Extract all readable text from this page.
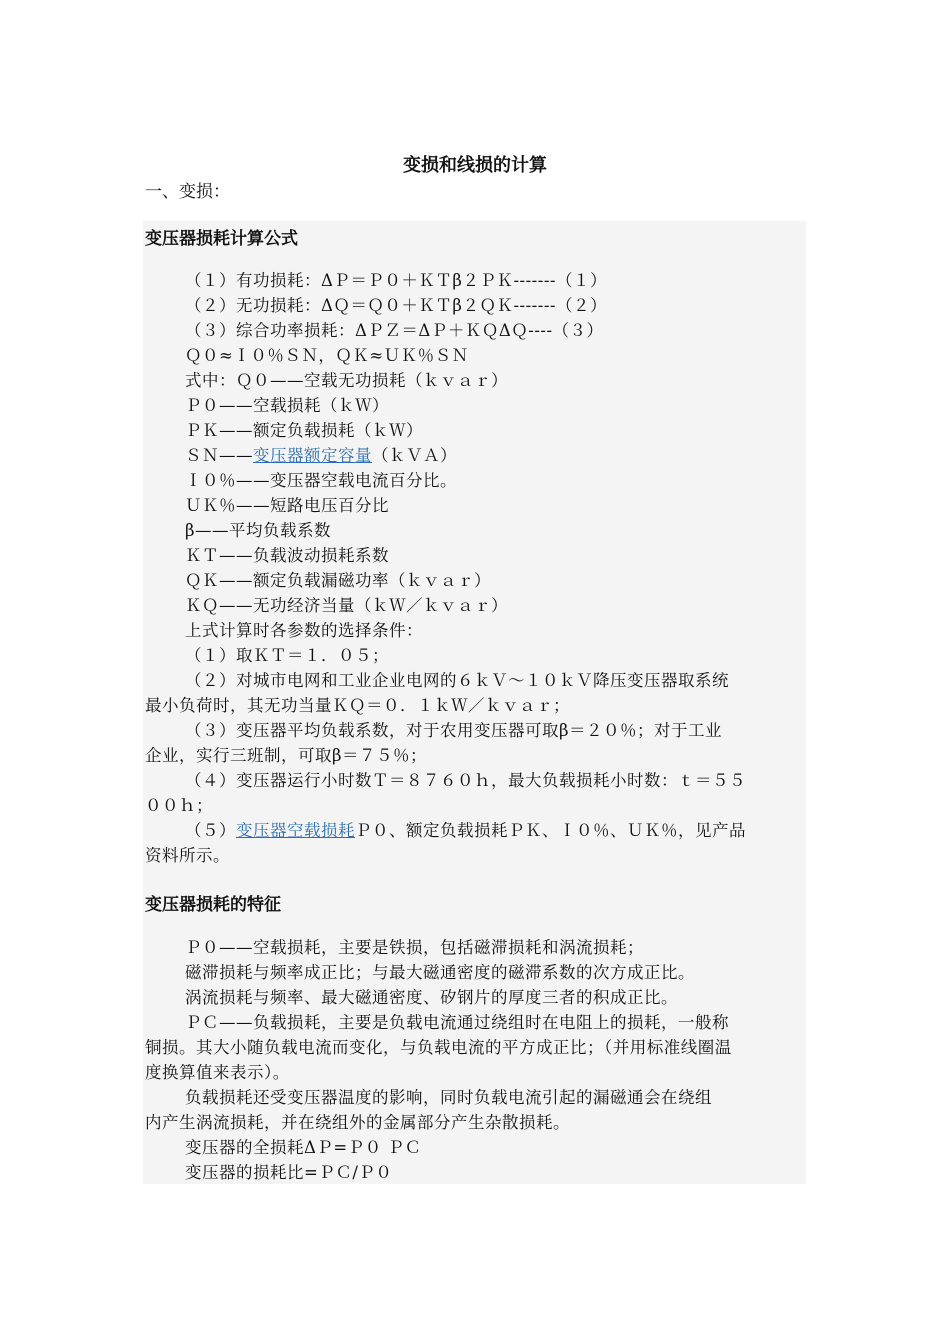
变损和线损的计算
一、变损：
变压器损耗计算公式
（１）有功损耗：ΔＰ＝Ｐ０＋ＫＴβ２ＰＫ-------（１）
（２）无功损耗：ΔＱ＝Ｑ０＋ＫＴβ２ＱＫ-------（２）
（３）综合功率损耗：ΔＰＺ＝ΔＰ＋ＫＱΔＱ----（３）
Ｑ０≈Ｉ０％ＳＮ，ＱＫ≈ＵＫ％ＳＮ
式中：Ｑ０——空载无功损耗（ｋｖａｒ）
Ｐ０——空载损耗（ｋＷ）
ＰＫ——额定负载损耗（ｋＷ）
ＳＮ——变压器额定容量（ｋＶＡ）
Ｉ０％——变压器空载电流百分比。
ＵＫ％——短路电压百分比
β——平均负载系数
ＫＴ——负载波动损耗系数
ＱＫ——额定负载漏磁功率（ｋｖａｒ）
ＫＱ——无功经济当量（ｋＷ／ｋｖａｒ）
上式计算时各参数的选择条件：
（１）取ＫＴ＝１．０５；
（２）对城市电网和工业企业电网的６ｋＶ～１０ｋＶ降压变压器取系统
最小负荷时，其无功当量ＫＱ＝０．１ｋＷ／ｋｖａｒ；
（３）变压器平均负载系数，对于农用变压器可取β＝２０％；对于工业
企业，实行三班制，可取β＝７５％；
（４）变压器运行小时数Ｔ＝８７６０ｈ，最大负载损耗小时数：ｔ＝５５
００ｈ；
（５）变压器空载损耗Ｐ０、额定负载损耗ＰＫ、Ｉ０％、ＵＫ％，见产品
资料所示。
变压器损耗的特征
Ｐ０——空载损耗，主要是铁损，包括磁滞损耗和涡流损耗；
磁滞损耗与频率成正比；与最大磁通密度的磁滞系数的次方成正比。
涡流损耗与频率、最大磁通密度、矽钢片的厚度三者的积成正比。
ＰＣ——负载损耗，主要是负载电流通过绕组时在电阻上的损耗，一般称
铜损。其大小随负载电流而变化，与负载电流的平方成正比；（并用标准线圈温
度换算值来表示）。
负载损耗还受变压器温度的影响，同时负载电流引起的漏磁通会在绕组
内产生涡流损耗，并在绕组外的金属部分产生杂散损耗。
变压器的全损耗ΔＰ=Ｐ０ ＰＣ
变压器的损耗比=ＰＣ/Ｐ０
